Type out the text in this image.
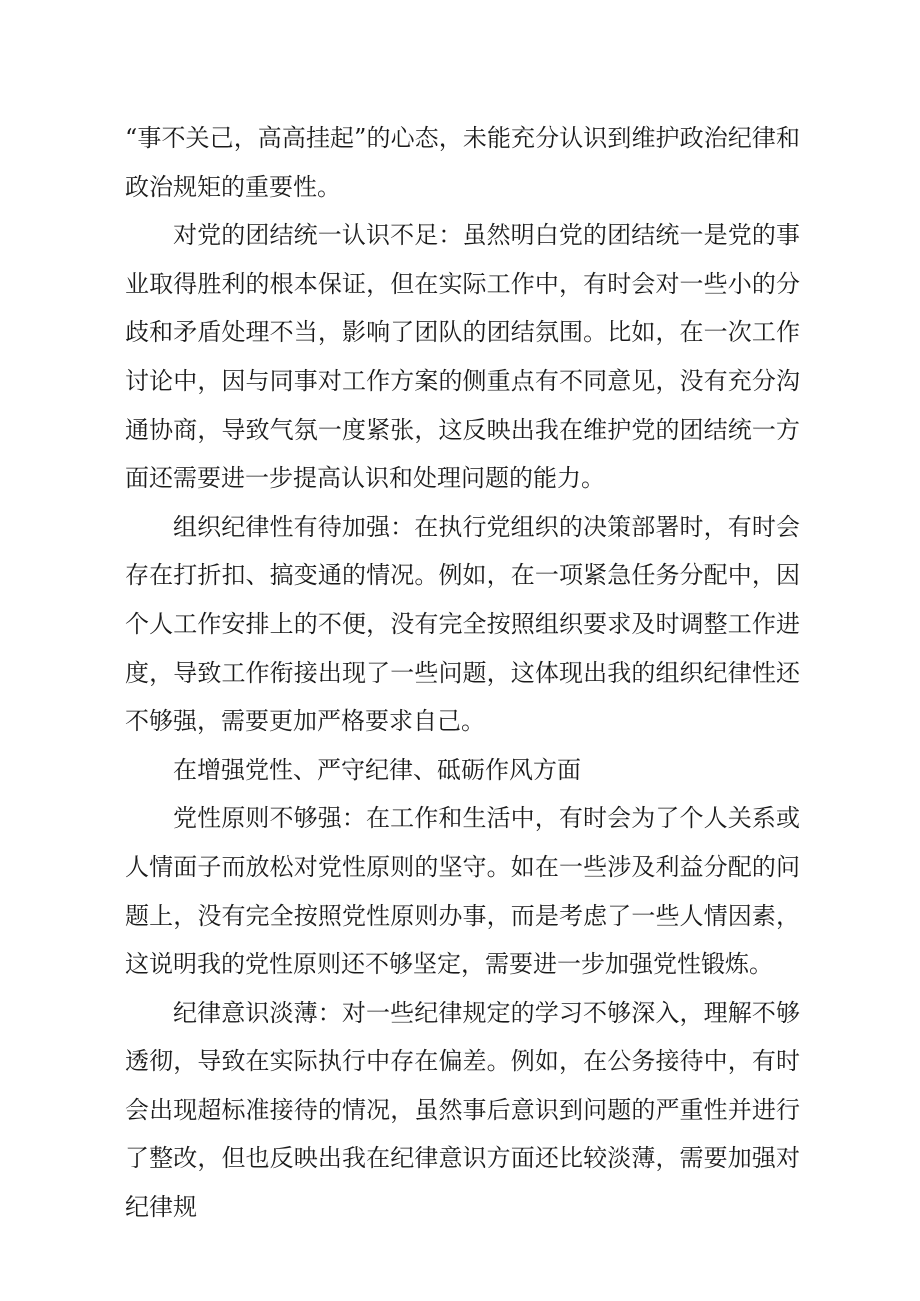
“事不关己，高高挂起”的心态，未能充分认识到维护政治纪律和政治规矩的重要性。

对党的团结统一认识不足：虽然明白党的团结统一是党的事业取得胜利的根本保证，但在实际工作中，有时会对一些小的分歧和矛盾处理不当，影响了团队的团结氛围。比如，在一次工作讨论中，因与同事对工作方案的侧重点有不同意见，没有充分沟通协商，导致气氛一度紧张，这反映出我在维护党的团结统一方面还需要进一步提高认识和处理问题的能力。

组织纪律性有待加强：在执行党组织的决策部署时，有时会存在打折扣、搞变通的情况。例如，在一项紧急任务分配中，因个人工作安排上的不便，没有完全按照组织要求及时调整工作进度，导致工作衔接出现了一些问题，这体现出我的组织纪律性还不够强，需要更加严格要求自己。

在增强党性、严守纪律、砥砺作风方面

党性原则不够强：在工作和生活中，有时会为了个人关系或人情面子而放松对党性原则的坚守。如在一些涉及利益分配的问题上，没有完全按照党性原则办事，而是考虑了一些人情因素，这说明我的党性原则还不够坚定，需要进一步加强党性锻炼。

纪律意识淡薄：对一些纪律规定的学习不够深入，理解不够透彻，导致在实际执行中存在偏差。例如，在公务接待中，有时会出现超标准接待的情况，虽然事后意识到问题的严重性并进行了整改，但也反映出我在纪律意识方面还比较淡薄，需要加强对纪律规
